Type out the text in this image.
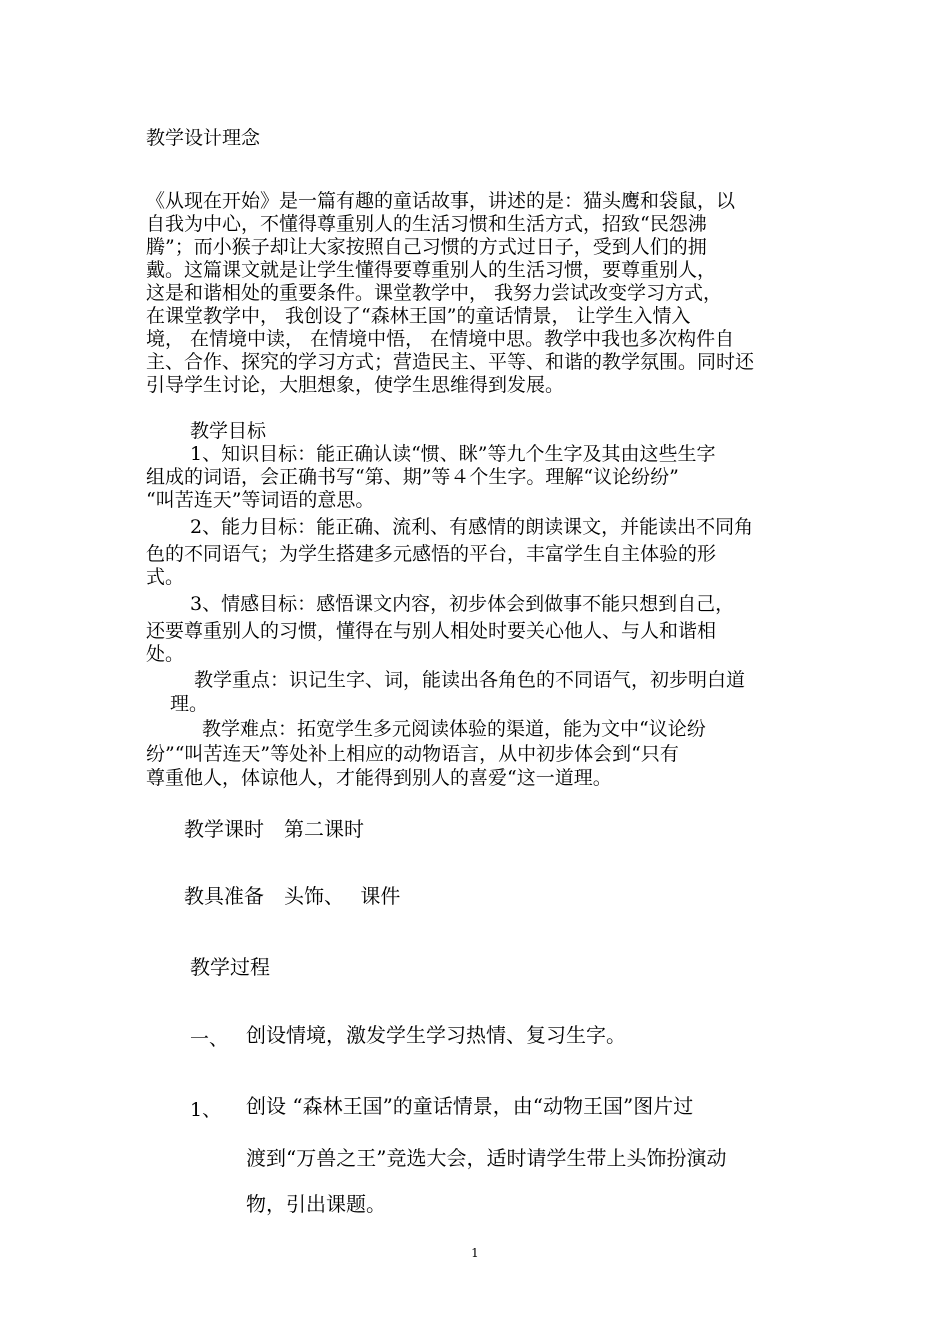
教学设计理念
《从现在开始》是一篇有趣的童话故事，讲述的是：猫头鹰和袋鼠，以
自我为中心，不懂得尊重别人的生活习惯和生活方式，招致“民怨沸
腾”；而小猴子却让大家按照自己习惯的方式过日子，受到人们的拥
戴。这篇课文就是让学生懂得要尊重别人的生活习惯，要尊重别人，
这是和谐相处的重要条件。课堂教学中， 我努力尝试改变学习方式，
在课堂教学中， 我创设了“森林王国”的童话情景， 让学生入情入
境， 在情境中读， 在情境中悟， 在情境中思。教学中我也多次构件自
主、合作、探究的学习方式；营造民主、平等、和谐的教学氛围。同时还
引导学生讨论，大胆想象，使学生思维得到发展。
教学目标
1、知识目标：能正确认读“惯、眯”等九个生字及其由这些生字
组成的词语，会正确书写“第、期”等４个生字。理解“议论纷纷”
“叫苦连天”等词语的意思。
2、能力目标：能正确、流利、有感情的朗读课文，并能读出不同角
色的不同语气；为学生搭建多元感悟的平台，丰富学生自主体验的形
式。
3、情感目标：感悟课文内容，初步体会到做事不能只想到自己，
还要尊重别人的习惯，懂得在与别人相处时要关心他人、与人和谐相
处。
教学重点：识记生字、词，能读出各角色的不同语气，初步明白道
理。
教学难点：拓宽学生多元阅读体验的渠道，能为文中“议论纷
纷”“叫苦连天”等处补上相应的动物语言，从中初步体会到“只有
尊重他人，体谅他人，才能得到别人的喜爱“这一道理。
教学课时　第二课时
教具准备　头饰、　 课件
教学过程
一、 创设情境，激发学生学习热情、复习生字。
1、 创设 “森林王国”的童话情景，由“动物王国”图片过
渡到“万兽之王”竞选大会，适时请学生带上头饰扮演动
物，引出课题。
1
